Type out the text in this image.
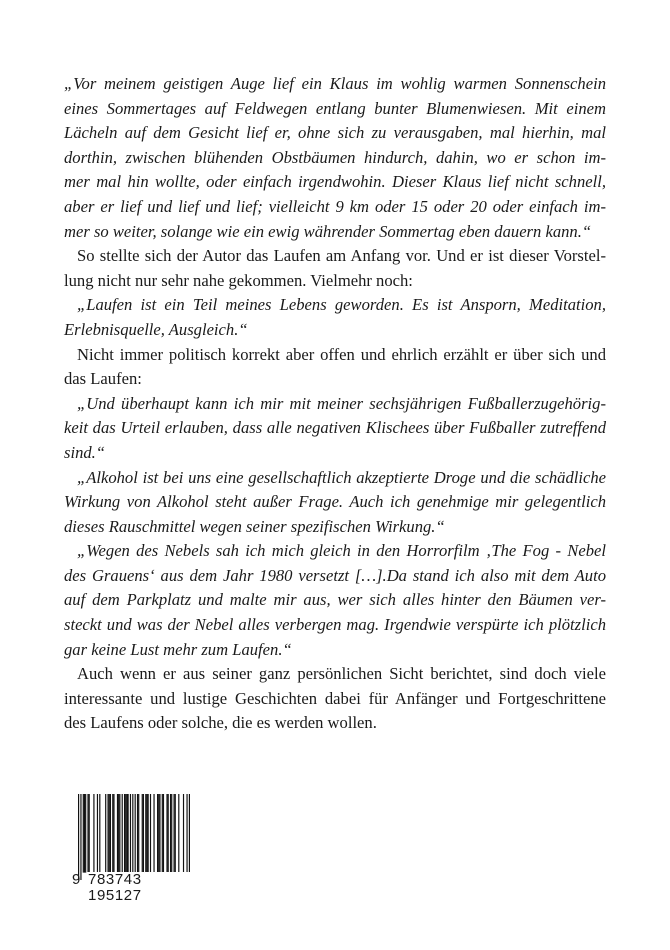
„Vor meinem geistigen Auge lief ein Klaus im wohlig warmen Sonnenschein
eines Sommertages auf Feldwegen entlang bunter Blumenwiesen. Mit einem
Lächeln auf dem Gesicht lief er, ohne sich zu verausgaben, mal hierhin, mal
dorthin, zwischen blühenden Obstbäumen hindurch, dahin, wo er schon im-
mer mal hin wollte, oder einfach irgendwohin. Dieser Klaus lief nicht schnell,
aber er lief und lief und lief; vielleicht 9 km oder 15 oder 20 oder einfach im-
mer so weiter, solange wie ein ewig währender Sommertag eben dauern kann.“
So stellte sich der Autor das Laufen am Anfang vor. Und er ist dieser Vorstel-
lung nicht nur sehr nahe gekommen. Vielmehr noch:
„Laufen ist ein Teil meines Lebens geworden. Es ist Ansporn, Meditation,
Erlebnisquelle, Ausgleich.“
Nicht immer politisch korrekt aber offen und ehrlich erzählt er über sich und
das Laufen:
„Und überhaupt kann ich mir mit meiner sechsjährigen Fußballerzugehörig-
keit das Urteil erlauben, dass alle negativen Klischees über Fußballer zutreffend
sind.“
„Alkohol ist bei uns eine gesellschaftlich akzeptierte Droge und die schädliche
Wirkung von Alkohol steht außer Frage. Auch ich genehmige mir gelegentlich
dieses Rauschmittel wegen seiner spezifischen Wirkung.“
„Wegen des Nebels sah ich mich gleich in den Horrorfilm ‚The Fog - Nebel
des Grauens‘ aus dem Jahr 1980 versetzt […].Da stand ich also mit dem Auto
auf dem Parkplatz und malte mir aus, wer sich alles hinter den Bäumen ver-
steckt und was der Nebel alles verbergen mag. Irgendwie verspürte ich plötzlich
gar keine Lust mehr zum Laufen.“
Auch wenn er aus seiner ganz persönlichen Sicht berichtet, sind doch viele
interessante und lustige Geschichten dabei für Anfänger und Fortgeschrittene
des Laufens oder solche, die es werden wollen.
9 783743 195127
